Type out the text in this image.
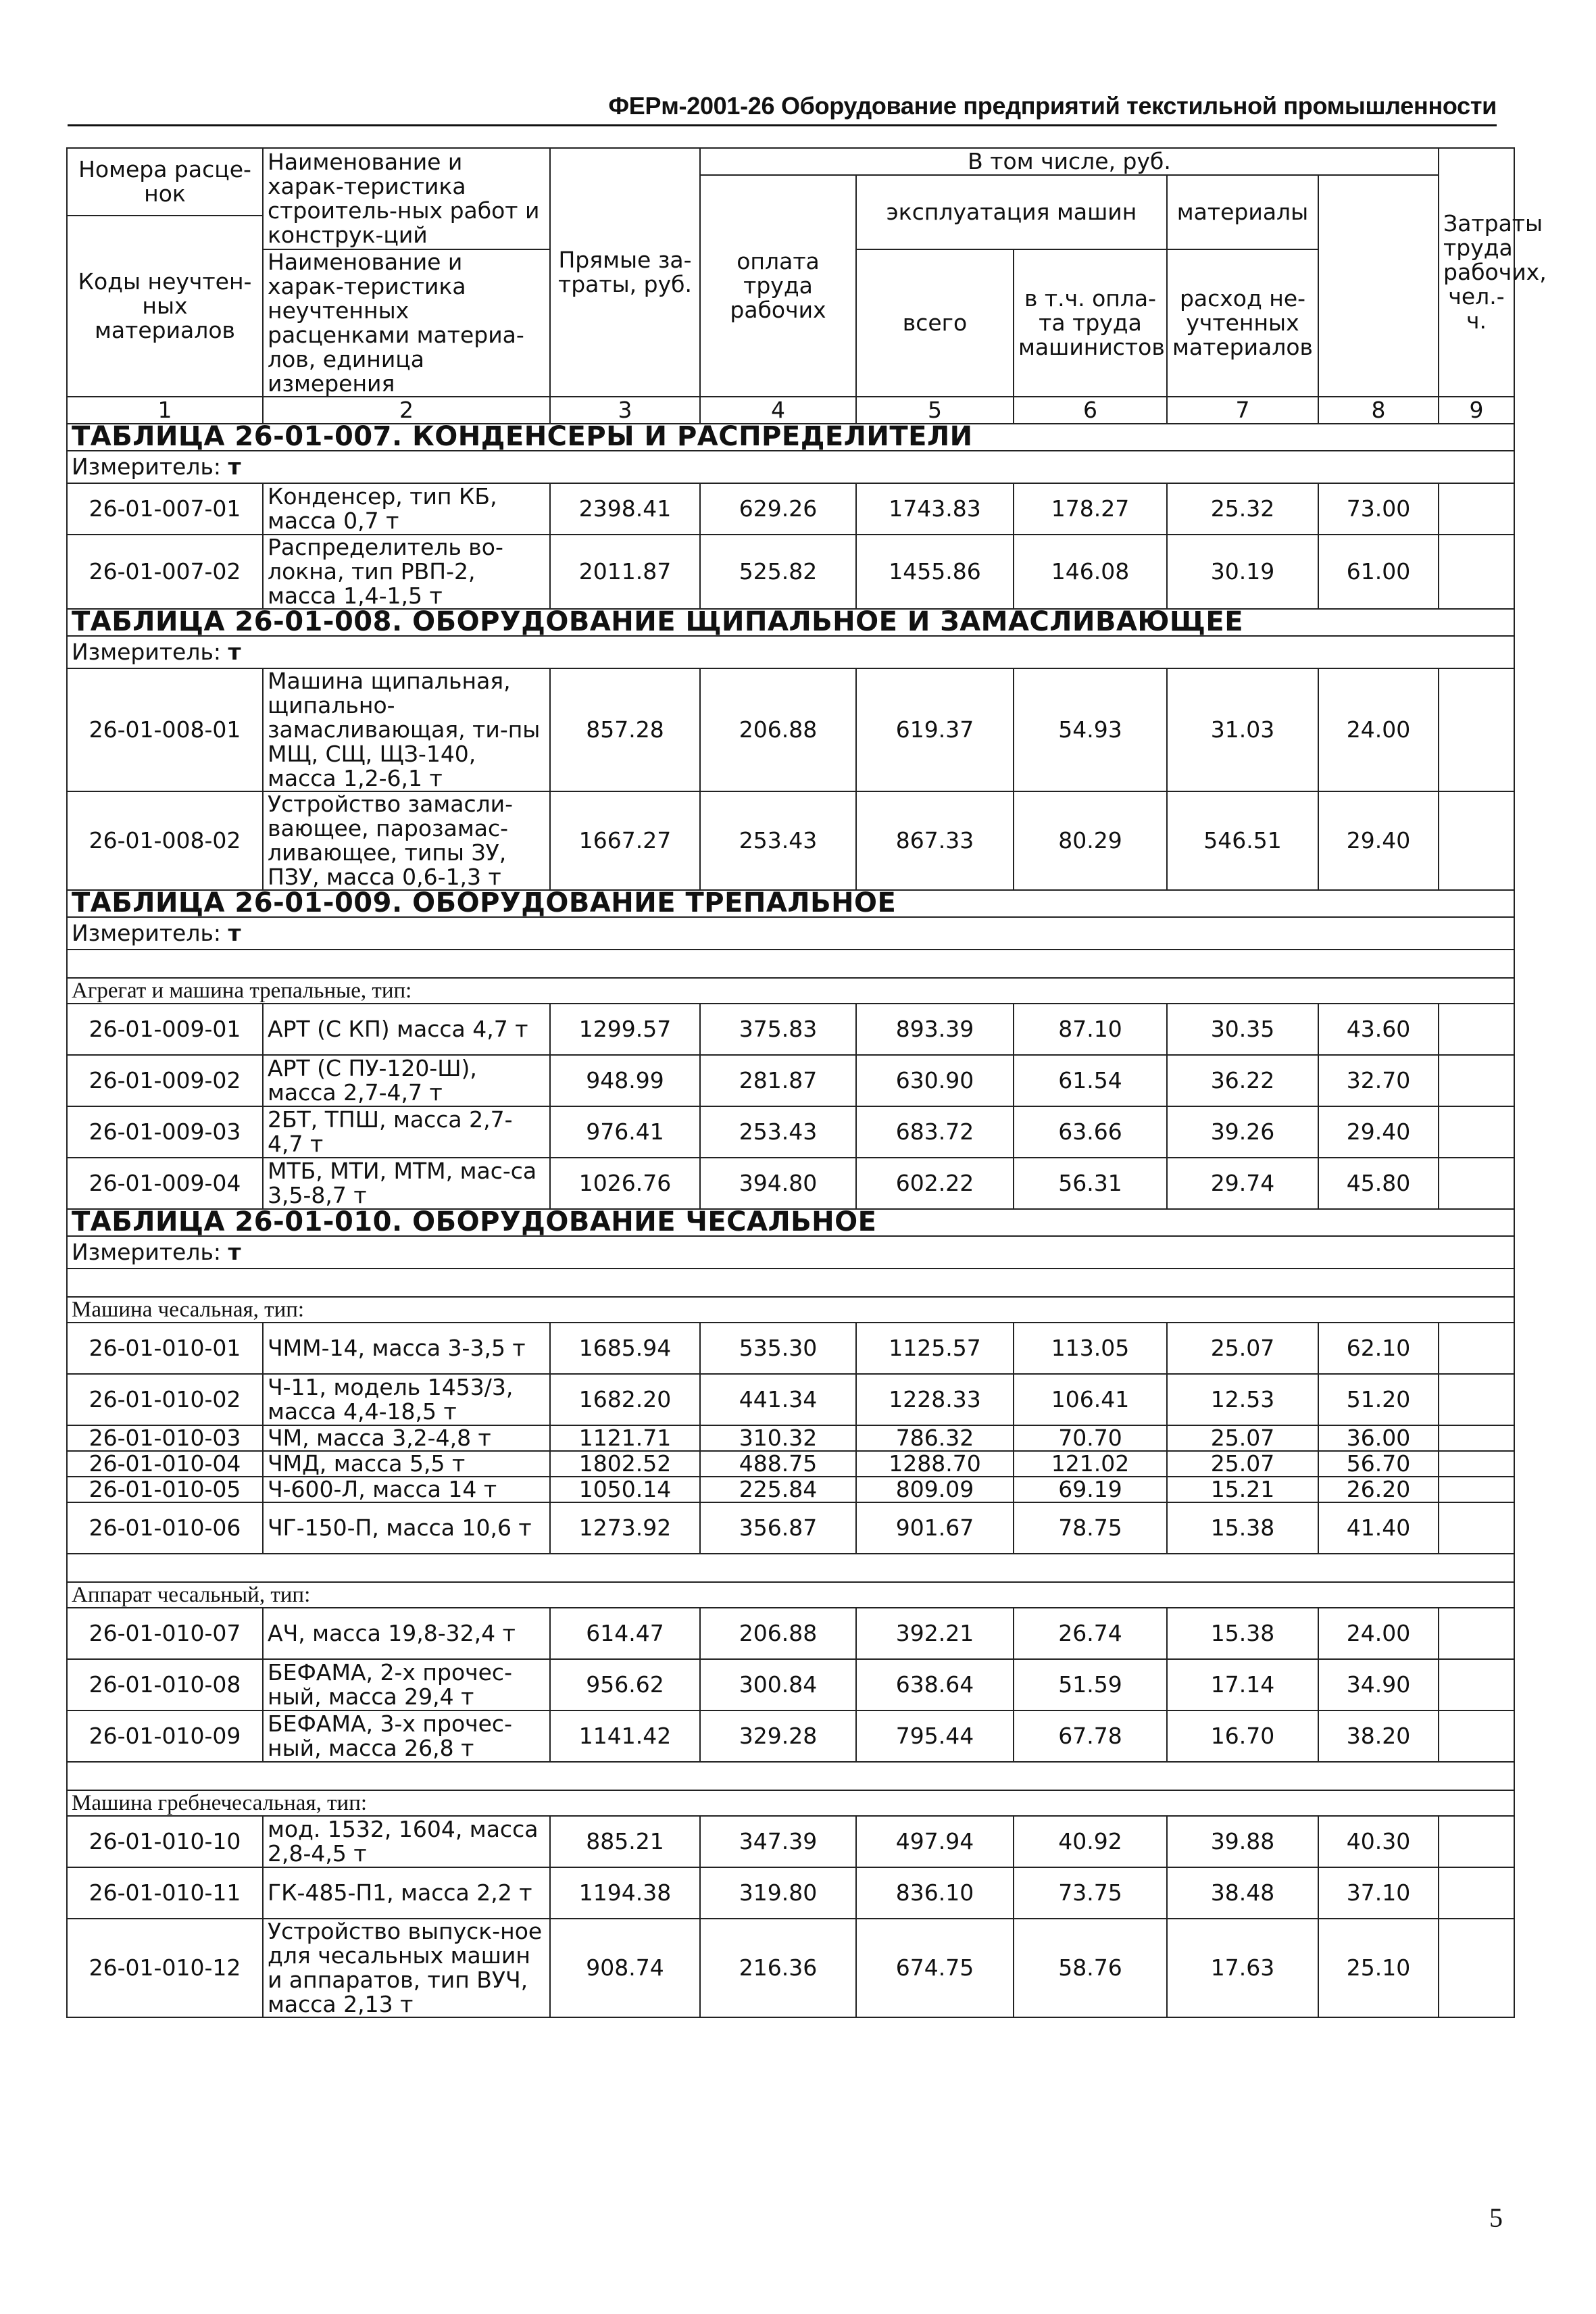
ФЕРм-2001-26 Оборудование предприятий текстильной промышленности
Номера расце-нок	Наименование и харак-теристика строитель-ных работ и конструк-ций	Прямые за-траты, руб.	В том числе, руб.					Затраты труда рабочих, чел.-ч.	
			оплата труда рабочих	эксплуатация машин		материалы			
Коды неучтен-ных материалов									
	Наименование и харак-теристика неучтенных расценками материа-лов, единица измерения			всего	в т.ч. опла-та труда машинистов	расход не-учтенных материалов			

1	2	3	4	5	6	7	8	9	
ТАБЛИЦА 26-01-007. КОНДЕНСЕРЫ И РАСПРЕДЕЛИТЕЛИ									
Измеритель: т									
26-01-007-01	Конденсер, тип КБ, масса 0,7 т	2398.41	629.26	1743.83	178.27	25.32	73.00		
26-01-007-02	Распределитель во-локна, тип РВП-2, масса 1,4-1,5 т	2011.87	525.82	1455.86	146.08	30.19	61.00		
ТАБЛИЦА 26-01-008. ОБОРУДОВАНИЕ ЩИПАЛЬНОЕ И ЗАМАСЛИВАЮЩЕЕ									
Измеритель: т									
26-01-008-01	Машина щипальная, щипально-замасливающая, ти-пы МЩ, СЩ, ЩЗ-140, масса 1,2-6,1 т	857.28	206.88	619.37	54.93	31.03	24.00		
26-01-008-02	Устройство замасли-вающее, парозамас-ливающее, типы ЗУ, ПЗУ, масса 0,6-1,3 т	1667.27	253.43	867.33	80.29	546.51	29.40		
ТАБЛИЦА 26-01-009. ОБОРУДОВАНИЕ ТРЕПАЛЬНОЕ									
Измеритель: т									

Агрегат и машина трепальные, тип:									
26-01-009-01	АРТ (С КП) масса 4,7 т	1299.57	375.83	893.39	87.10	30.35	43.60		
26-01-009-02	АРТ (С ПУ-120-Ш), масса 2,7-4,7 т	948.99	281.87	630.90	61.54	36.22	32.70		
26-01-009-03	2БТ, ТПШ, масса 2,7-4,7 т	976.41	253.43	683.72	63.66	39.26	29.40		
26-01-009-04	МТБ, МТИ, МТМ, мас-са 3,5-8,7 т	1026.76	394.80	602.22	56.31	29.74	45.80		
ТАБЛИЦА 26-01-010. ОБОРУДОВАНИЕ ЧЕСАЛЬНОЕ									
Измеритель: т									

Машина чесальная, тип:									
26-01-010-01	ЧММ-14, масса 3-3,5 т	1685.94	535.30	1125.57	113.05	25.07	62.10		
26-01-010-02	Ч-11, модель 1453/3, масса 4,4-18,5 т	1682.20	441.34	1228.33	106.41	12.53	51.20		
26-01-010-03	ЧМ, масса 3,2-4,8 т	1121.71	310.32	786.32	70.70	25.07	36.00		
26-01-010-04	ЧМД, масса 5,5 т	1802.52	488.75	1288.70	121.02	25.07	56.70		
26-01-010-05	Ч-600-Л, масса 14 т	1050.14	225.84	809.09	69.19	15.21	26.20		
26-01-010-06	ЧГ-150-П, масса 10,6 т	1273.92	356.87	901.67	78.75	15.38	41.40		

Аппарат чесальный, тип:									
26-01-010-07	АЧ, масса 19,8-32,4 т	614.47	206.88	392.21	26.74	15.38	24.00		
26-01-010-08	БЕФАМА, 2-х прочес-ный, масса 29,4 т	956.62	300.84	638.64	51.59	17.14	34.90		
26-01-010-09	БЕФАМА, 3-х прочес-ный, масса 26,8 т	1141.42	329.28	795.44	67.78	16.70	38.20		

Машина гребнечесальная, тип:									
26-01-010-10	мод. 1532, 1604, масса 2,8-4,5 т	885.21	347.39	497.94	40.92	39.88	40.30		
26-01-010-11	ГК-485-П1, масса 2,2 т	1194.38	319.80	836.10	73.75	38.48	37.10		
26-01-010-12	Устройство выпуск-ное для чесальных машин и аппаратов, тип ВУЧ, масса 2,13 т	908.74	216.36	674.75	58.76	17.63	25.10		
5
